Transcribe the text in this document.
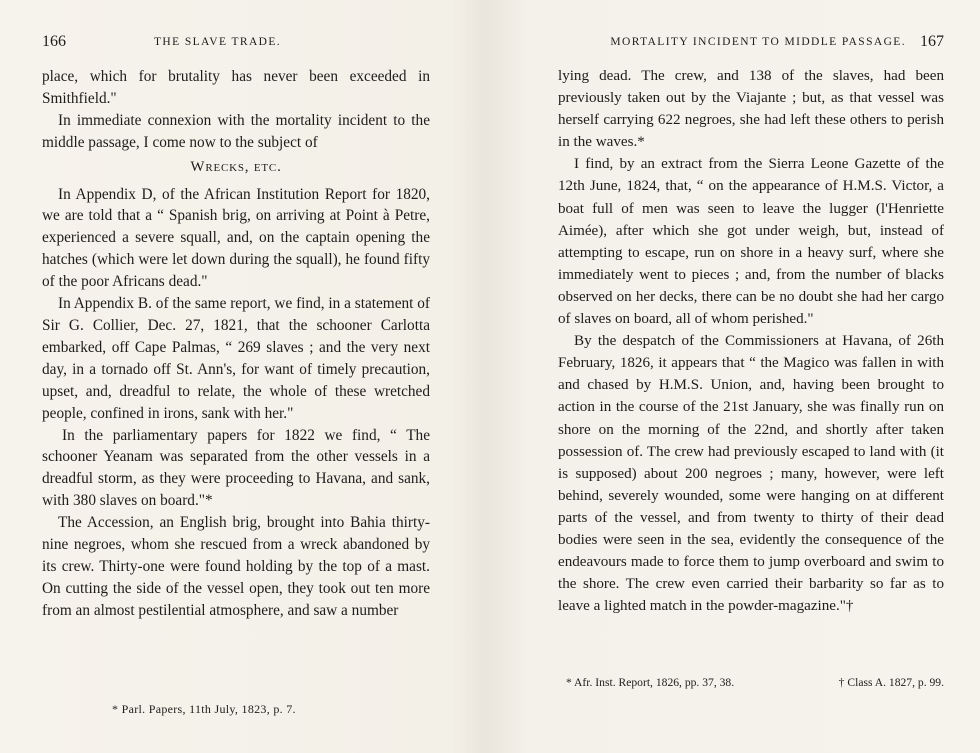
166	THE SLAVE TRADE.

place, which for brutality has never been exceeded in Smithfield."

In immediate connexion with the mortality incident to the middle passage, I come now to the subject of

Wrecks, etc.

In Appendix D, of the African Institution Report for 1820, we are told that a “ Spanish brig, on arriving at Point à Petre, experienced a severe squall, and, on the captain opening the hatches (which were let down during the squall), he found fifty of the poor Africans dead."

In Appendix B. of the same report, we find, in a statement of Sir G. Collier, Dec. 27, 1821, that the schooner Carlotta embarked, off Cape Palmas, “ 269 slaves ; and the very next day, in a tornado off St. Ann's, for want of timely precaution, upset, and, dreadful to relate, the whole of these wretched people, confined in irons, sank with her."

In the parliamentary papers for 1822 we find, “ The schooner Yeanam was separated from the other vessels in a dreadful storm, as they were proceeding to Havana, and sank, with 380 slaves on board."*

The Accession, an English brig, brought into Bahia thirty-nine negroes, whom she rescued from a wreck abandoned by its crew. Thirty-one were found holding by the top of a mast. On cutting the side of the vessel open, they took out ten more from an almost pestilential atmosphere, and saw a number

* Parl. Papers, 11th July, 1823, p. 7.
MORTALITY INCIDENT TO MIDDLE PASSAGE. 167

lying dead. The crew, and 138 of the slaves, had been previously taken out by the Viajante ; but, as that vessel was herself carrying 622 negroes, she had left these others to perish in the waves.*

I find, by an extract from the Sierra Leone Gazette of the 12th June, 1824, that, “ on the appearance of H.M.S. Victor, a boat full of men was seen to leave the lugger (l'Henriette Aimée), after which she got under weigh, but, instead of attempting to escape, run on shore in a heavy surf, where she immediately went to pieces ; and, from the number of blacks observed on her decks, there can be no doubt she had her cargo of slaves on board, all of whom perished."

By the despatch of the Commissioners at Havana, of 26th February, 1826, it appears that “ the Magico was fallen in with and chased by H.M.S. Union, and, having been brought to action in the course of the 21st January, she was finally run on shore on the morning of the 22nd, and shortly after taken possession of. The crew had previously escaped to land with (it is supposed) about 200 negroes ; many, however, were left behind, severely wounded, some were hanging on at different parts of the vessel, and from twenty to thirty of their dead bodies were seen in the sea, evidently the consequence of the endeavours made to force them to jump overboard and swim to the shore. The crew even carried their barbarity so far as to leave a lighted match in the powder-magazine."†

* Afr. Inst. Report, 1826, pp. 37, 38.	† Class A. 1827, p. 99.
